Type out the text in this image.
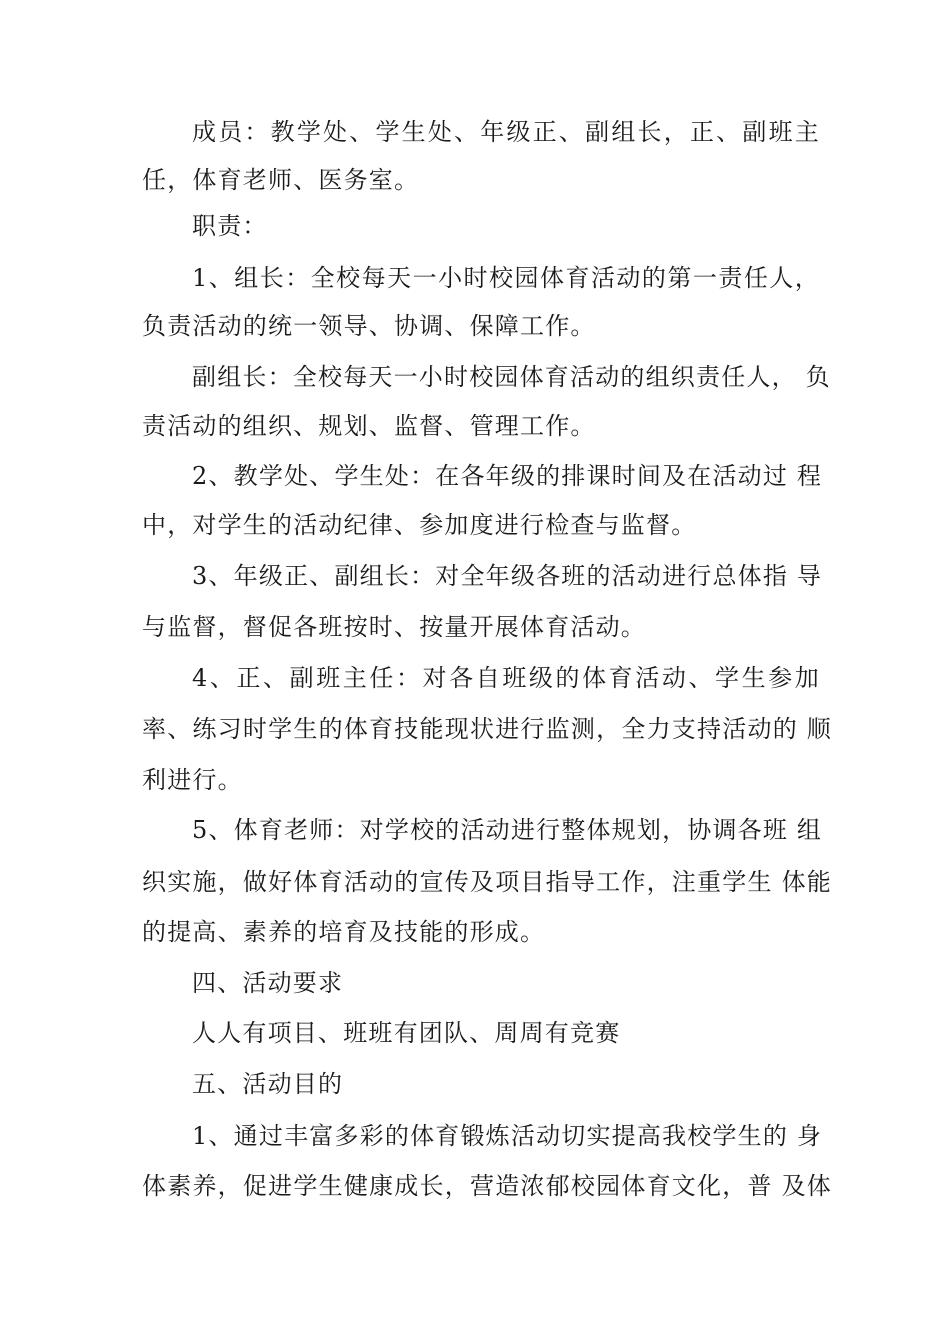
成员：教学处、学生处、年级正、副组长，正、副班主
任，体育老师、医务室。
职责：
1、组长：全校每天一小时校园体育活动的第一责任人，
负责活动的统一领导、协调、保障工作。
副组长：全校每天一小时校园体育活动的组织责任人， 负
责活动的组织、规划、监督、管理工作。
2、教学处、学生处：在各年级的排课时间及在活动过 程
中，对学生的活动纪律、参加度进行检查与监督。
3、年级正、副组长：对全年级各班的活动进行总体指 导
与监督，督促各班按时、按量开展体育活动。
4、正、副班主任：对各自班级的体育活动、学生参加
率、练习时学生的体育技能现状进行监测，全力支持活动的 顺
利进行。
5、体育老师：对学校的活动进行整体规划，协调各班 组
织实施，做好体育活动的宣传及项目指导工作，注重学生 体能
的提高、素养的培育及技能的形成。
四、活动要求
人人有项目、班班有团队、周周有竞赛
五、活动目的
1、通过丰富多彩的体育锻炼活动切实提高我校学生的 身
体素养，促进学生健康成长，营造浓郁校园体育文化，普 及体
